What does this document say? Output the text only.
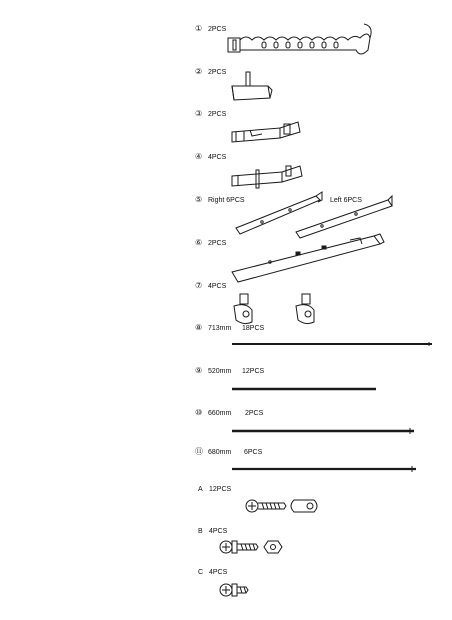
① 2PCS
② 2PCS
③ 2PCS
④ 4PCS
⑤ Right 6PCS	Left 6PCS
⑥ 2PCS
⑦ 4PCS
⑧ 713mm 18PCS
⑨ 520mm 12PCS
⑩ 660mm 2PCS
⑪ 680mm 6PCS
A 12PCS
B 4PCS
C 4PCS
